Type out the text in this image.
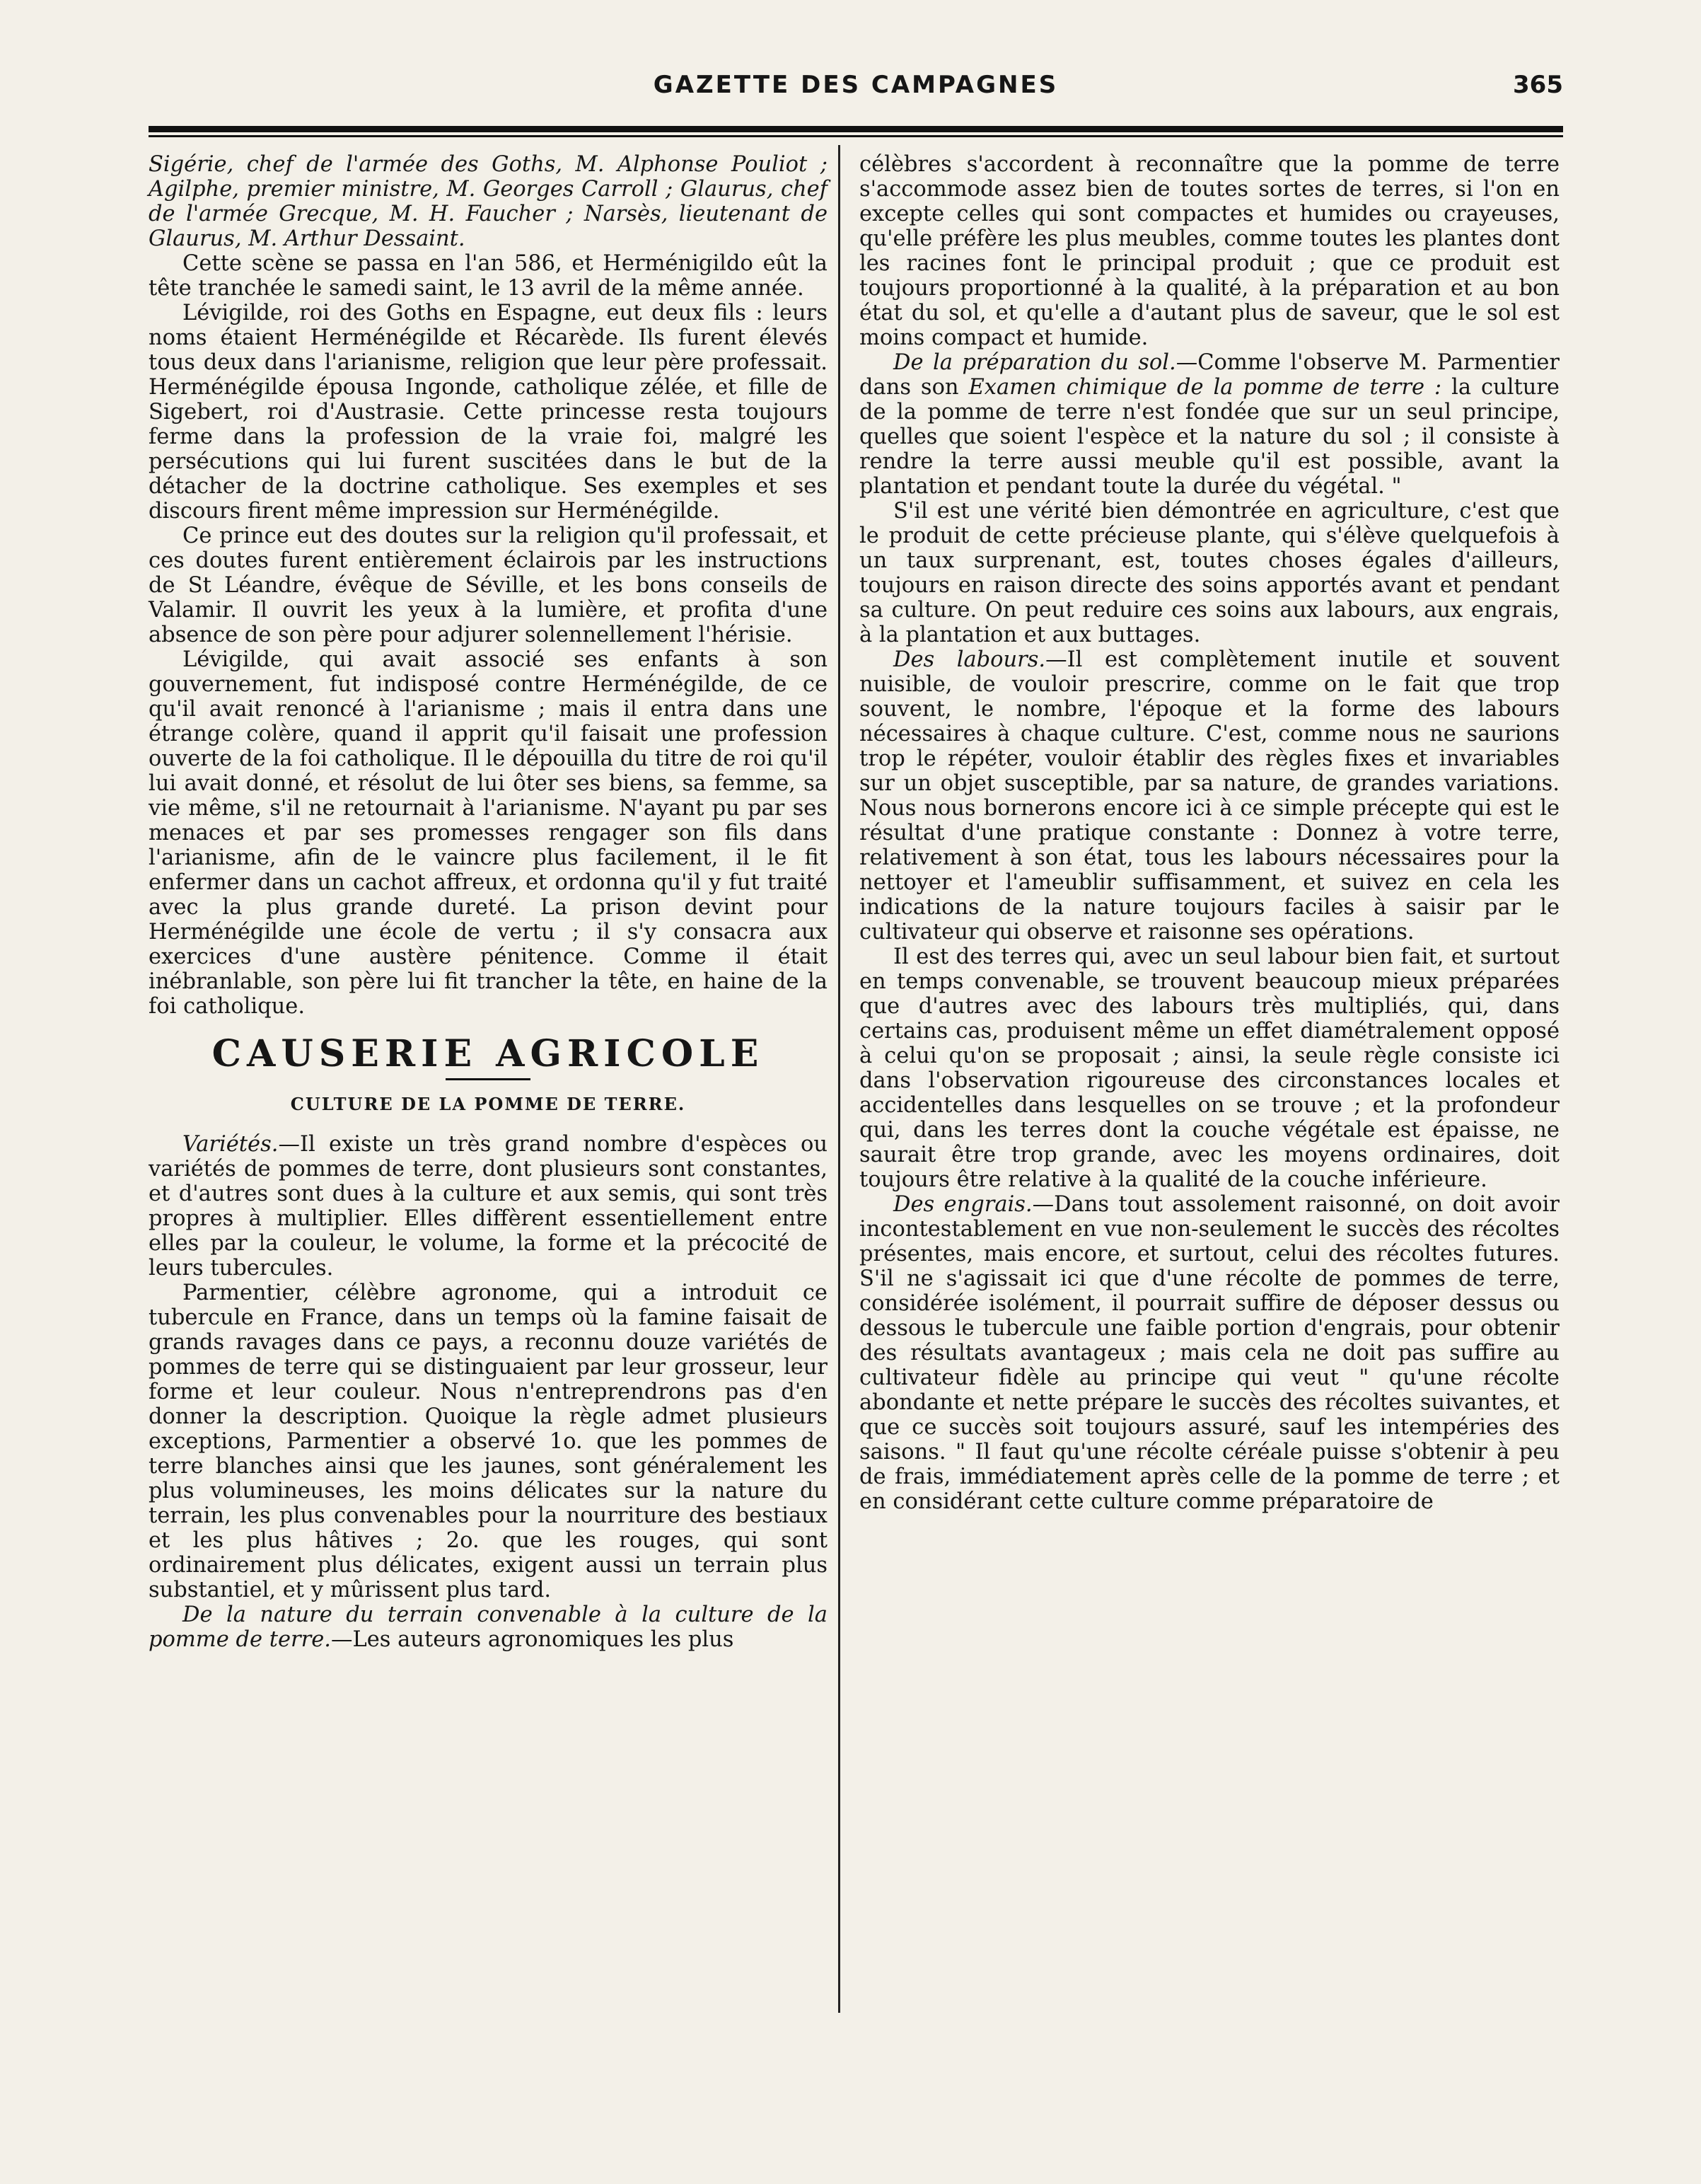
GAZETTE DES CAMPAGNES	365

Sigérie, chef de l'armée des Goths, M. Alphonse Pouliot ; Agilphe, premier ministre, M. Georges Carroll ; Glaurus, chef de l'armée Grecque, M. H. Faucher ; Narsès, lieutenant de Glaurus, M. Arthur Dessaint.

Cette scène se passa en l'an 586, et Herménigildo eût la tête tranchée le samedi saint, le 13 avril de la même année.

Lévigilde, roi des Goths en Espagne, eut deux fils : leurs noms étaient Herménégilde et Récarède. Ils furent élevés tous deux dans l'arianisme, religion que leur père professait. Herménégilde épousa Ingonde, catholique zélée, et fille de Sigebert, roi d'Austrasie. Cette princesse resta toujours ferme dans la profession de la vraie foi, malgré les persécutions qui lui furent suscitées dans le but de la détacher de la doctrine catholique. Ses exemples et ses discours firent même impression sur Herménégilde.

Ce prince eut des doutes sur la religion qu'il professait, et ces doutes furent entièrement éclairois par les instructions de St Léandre, évêque de Séville, et les bons conseils de Valamir. Il ouvrit les yeux à la lumière, et profita d'une absence de son père pour adjurer solennellement l'hérisie.

Lévigilde, qui avait associé ses enfants à son gouvernement, fut indisposé contre Herménégilde, de ce qu'il avait renoncé à l'arianisme ; mais il entra dans une étrange colère, quand il apprit qu'il faisait une profession ouverte de la foi catholique. Il le dépouilla du titre de roi qu'il lui avait donné, et résolut de lui ôter ses biens, sa femme, sa vie même, s'il ne retournait à l'arianisme. N'ayant pu par ses menaces et par ses promesses rengager son fils dans l'arianisme, afin de le vaincre plus facilement, il le fit enfermer dans un cachot affreux, et ordonna qu'il y fut traité avec la plus grande dureté. La prison devint pour Herménégilde une école de vertu ; il s'y consacra aux exercices d'une austère pénitence. Comme il était inébranlable, son père lui fit trancher la tête, en haine de la foi catholique.

CAUSERIE AGRICOLE
CULTURE DE LA POMME DE TERRE.

Variétés.—Il existe un très grand nombre d'espèces ou variétés de pommes de terre, dont plusieurs sont constantes, et d'autres sont dues à la culture et aux semis, qui sont très propres à multiplier. Elles diffèrent essentiellement entre elles par la couleur, le volume, la forme et la précocité de leurs tubercules.

Parmentier, célèbre agronome, qui a introduit ce tubercule en France, dans un temps où la famine faisait de grands ravages dans ce pays, a reconnu douze variétés de pommes de terre qui se distinguaient par leur grosseur, leur forme et leur couleur. Nous n'entreprendrons pas d'en donner la description. Quoique la règle admet plusieurs exceptions, Parmentier a observé 1o. que les pommes de terre blanches ainsi que les jaunes, sont généralement les plus volumineuses, les moins délicates sur la nature du terrain, les plus convenables pour la nourriture des bestiaux et les plus hâtives ; 2o. que les rouges, qui sont ordinairement plus délicates, exigent aussi un terrain plus substantiel, et y mûrissent plus tard.

De la nature du terrain convenable à la culture de la pomme de terre.—Les auteurs agronomiques les plus

célèbres s'accordent à reconnaître que la pomme de terre s'accommode assez bien de toutes sortes de terres, si l'on en excepte celles qui sont compactes et humides ou crayeuses, qu'elle préfère les plus meubles, comme toutes les plantes dont les racines font le principal produit ; que ce produit est toujours proportionné à la qualité, à la préparation et au bon état du sol, et qu'elle a d'autant plus de saveur, que le sol est moins compact et humide.

De la préparation du sol.—Comme l'observe M. Parmentier dans son Examen chimique de la pomme de terre : la culture de la pomme de terre n'est fondée que sur un seul principe, quelles que soient l'espèce et la nature du sol ; il consiste à rendre la terre aussi meuble qu'il est possible, avant la plantation et pendant toute la durée du végétal. "

S'il est une vérité bien démontrée en agriculture, c'est que le produit de cette précieuse plante, qui s'élève quelquefois à un taux surprenant, est, toutes choses égales d'ailleurs, toujours en raison directe des soins apportés avant et pendant sa culture. On peut reduire ces soins aux labours, aux engrais, à la plantation et aux buttages.

Des labours.—Il est complètement inutile et souvent nuisible, de vouloir prescrire, comme on le fait que trop souvent, le nombre, l'époque et la forme des labours nécessaires à chaque culture. C'est, comme nous ne saurions trop le répéter, vouloir établir des règles fixes et invariables sur un objet susceptible, par sa nature, de grandes variations. Nous nous bornerons encore ici à ce simple précepte qui est le résultat d'une pratique constante : Donnez à votre terre, relativement à son état, tous les labours nécessaires pour la nettoyer et l'ameublir suffisamment, et suivez en cela les indications de la nature toujours faciles à saisir par le cultivateur qui observe et raisonne ses opérations.

Il est des terres qui, avec un seul labour bien fait, et surtout en temps convenable, se trouvent beaucoup mieux préparées que d'autres avec des labours très multipliés, qui, dans certains cas, produisent même un effet diamétralement opposé à celui qu'on se proposait ; ainsi, la seule règle consiste ici dans l'observation rigoureuse des circonstances locales et accidentelles dans lesquelles on se trouve ; et la profondeur qui, dans les terres dont la couche végétale est épaisse, ne saurait être trop grande, avec les moyens ordinaires, doit toujours être relative à la qualité de la couche inférieure.

Des engrais.—Dans tout assolement raisonné, on doit avoir incontestablement en vue non-seulement le succès des récoltes présentes, mais encore, et surtout, celui des récoltes futures. S'il ne s'agissait ici que d'une récolte de pommes de terre, considérée isolément, il pourrait suffire de déposer dessus ou dessous le tubercule une faible portion d'engrais, pour obtenir des résultats avantageux ; mais cela ne doit pas suffire au cultivateur fidèle au principe qui veut " qu'une récolte abondante et nette prépare le succès des récoltes suivantes, et que ce succès soit toujours assuré, sauf les intempéries des saisons. " Il faut qu'une récolte céréale puisse s'obtenir à peu de frais, immédiatement après celle de la pomme de terre ; et en considérant cette culture comme préparatoire de
